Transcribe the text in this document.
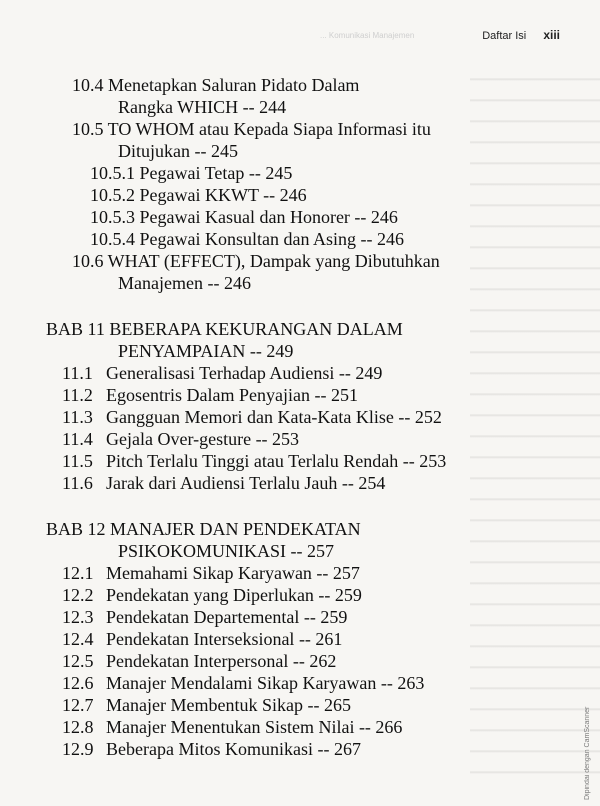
... Komunikasi Manajemen	Daftar Isi xiii
10.4 Menetapkan Saluran Pidato Dalam
Rangka WHICH -- 244
10.5 TO WHOM atau Kepada Siapa Informasi itu
Ditujukan -- 245
10.5.1 Pegawai Tetap -- 245
10.5.2 Pegawai KKWT -- 246
10.5.3 Pegawai Kasual dan Honorer -- 246
10.5.4 Pegawai Konsultan dan Asing -- 246
10.6 WHAT (EFFECT), Dampak yang Dibutuhkan
Manajemen -- 246
BAB 11 BEBERAPA KEKURANGAN DALAM
PENYAMPAIAN -- 249
11.1 Generalisasi Terhadap Audiensi -- 249
11.2 Egosentris Dalam Penyajian -- 251
11.3 Gangguan Memori dan Kata-Kata Klise -- 252
11.4 Gejala Over-gesture -- 253
11.5 Pitch Terlalu Tinggi atau Terlalu Rendah -- 253
11.6 Jarak dari Audiensi Terlalu Jauh -- 254
BAB 12 MANAJER DAN PENDEKATAN
PSIKOKOMUNIKASI -- 257
12.1 Memahami Sikap Karyawan -- 257
12.2 Pendekatan yang Diperlukan -- 259
12.3 Pendekatan Departemental -- 259
12.4 Pendekatan Interseksional -- 261
12.5 Pendekatan Interpersonal -- 262
12.6 Manajer Mendalami Sikap Karyawan -- 263
12.7 Manajer Membentuk Sikap -- 265
12.8 Manajer Menentukan Sistem Nilai -- 266
12.9 Beberapa Mitos Komunikasi -- 267	Dipindai dengan CamScanner
